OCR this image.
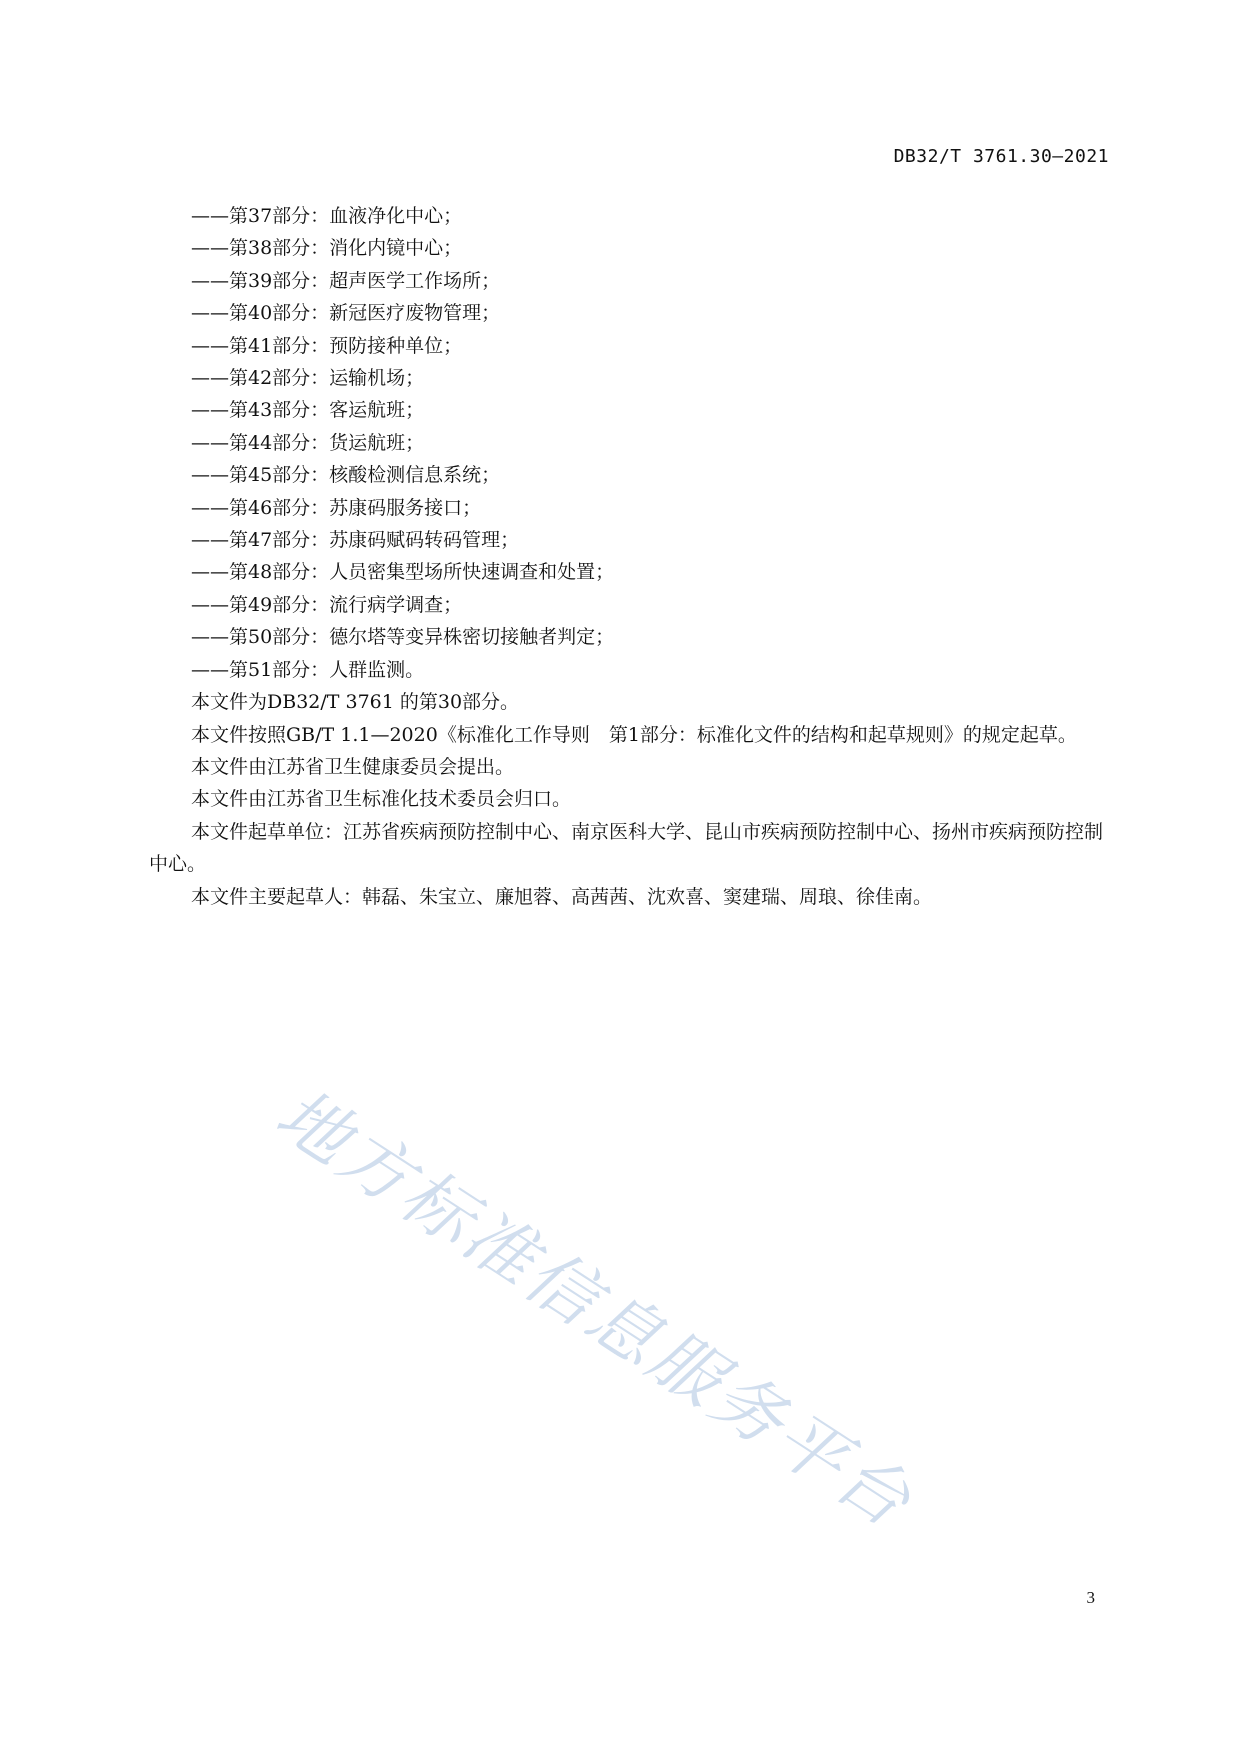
DB32/T 3761.30—2021
——第37部分：血液净化中心；
——第38部分：消化内镜中心；
——第39部分：超声医学工作场所；
——第40部分：新冠医疗废物管理；
——第41部分：预防接种单位；
——第42部分：运输机场；
——第43部分：客运航班；
——第44部分：货运航班；
——第45部分：核酸检测信息系统；
——第46部分：苏康码服务接口；
——第47部分：苏康码赋码转码管理；
——第48部分：人员密集型场所快速调查和处置；
——第49部分：流行病学调查；
——第50部分：德尔塔等变异株密切接触者判定；
——第51部分：人群监测。

本文件为DB32/T 3761 的第30部分。

本文件按照GB/T 1.1—2020《标准化工作导则　第1部分：标准化文件的结构和起草规则》的规定起草。

本文件由江苏省卫生健康委员会提出。

本文件由江苏省卫生标准化技术委员会归口。

本文件起草单位：江苏省疾病预防控制中心、南京医科大学、昆山市疾病预防控制中心、扬州市疾病预防控制中心。

本文件主要起草人：韩磊、朱宝立、廉旭蓉、高茜茜、沈欢喜、窦建瑞、周琅、徐佳南。

地方标准信息服务平台
3
